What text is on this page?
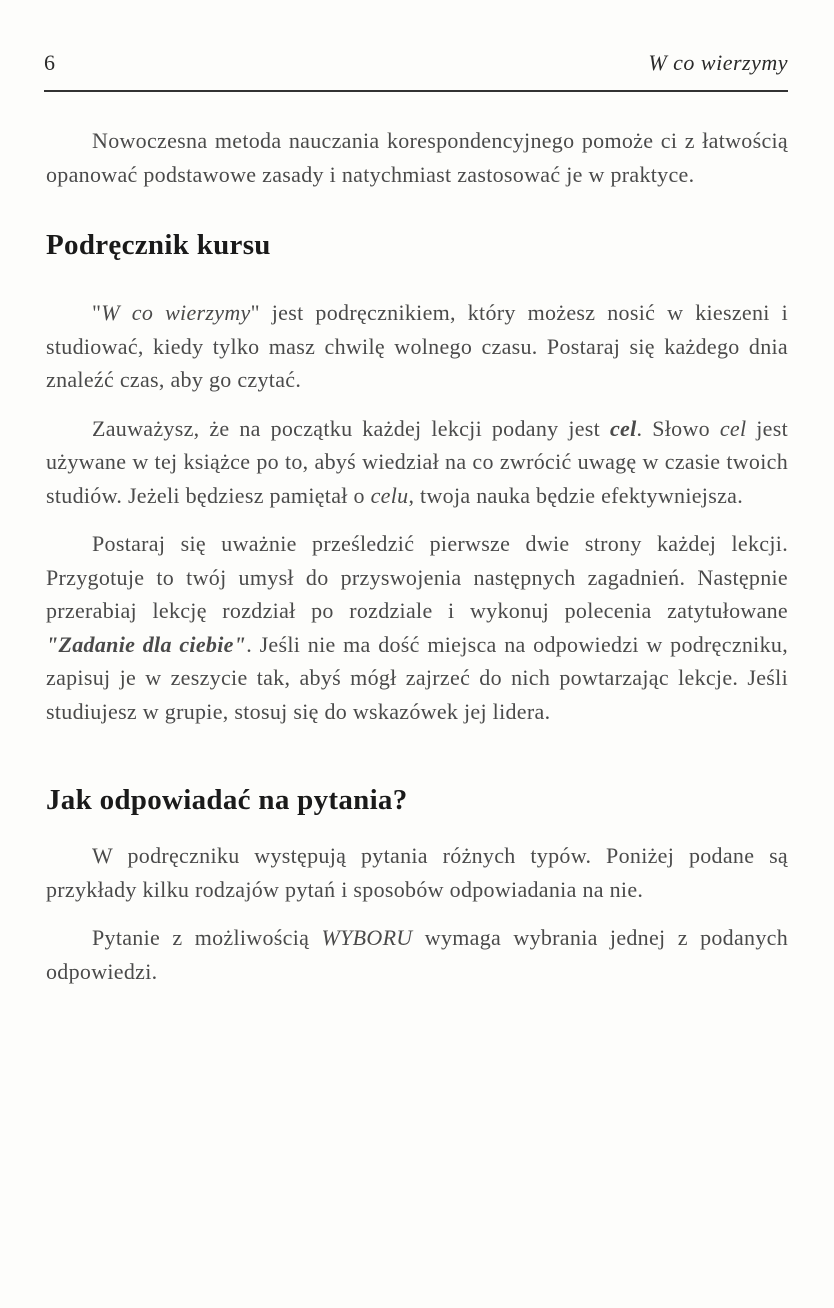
6	W co wierzymy

Nowoczesna metoda nauczania korespondencyjnego pomoże ci z łatwością opanować podstawowe zasady i natychmiast zastosować je w praktyce.

Podręcznik kursu

"W co wierzymy" jest podręcznikiem, który możesz nosić w kieszeni i studiować, kiedy tylko masz chwilę wolnego czasu. Postaraj się każdego dnia znaleźć czas, aby go czytać.

Zauważysz, że na początku każdej lekcji podany jest cel. Słowo cel jest używane w tej książce po to, abyś wiedział na co zwrócić uwagę w czasie twoich studiów. Jeżeli będziesz pamiętał o celu, twoja nauka będzie efektywniejsza.

Postaraj się uważnie prześledzić pierwsze dwie strony każdej lekcji. Przygotuje to twój umysł do przyswojenia następnych zagadnień. Następnie przerabiaj lekcję rozdział po rozdziale i wykonuj polecenia zatytułowane "Zadanie dla ciebie". Jeśli nie ma dość miejsca na odpowiedzi w podręczniku, zapisuj je w zeszycie tak, abyś mógł zajrzeć do nich powtarzając lekcje. Jeśli studiujesz w grupie, stosuj się do wskazówek jej lidera.

Jak odpowiadać na pytania?

W podręczniku występują pytania różnych typów. Poniżej podane są przykłady kilku rodzajów pytań i sposobów odpowiadania na nie.

Pytanie z możliwością WYBORU wymaga wybrania jednej z podanych odpowiedzi.
